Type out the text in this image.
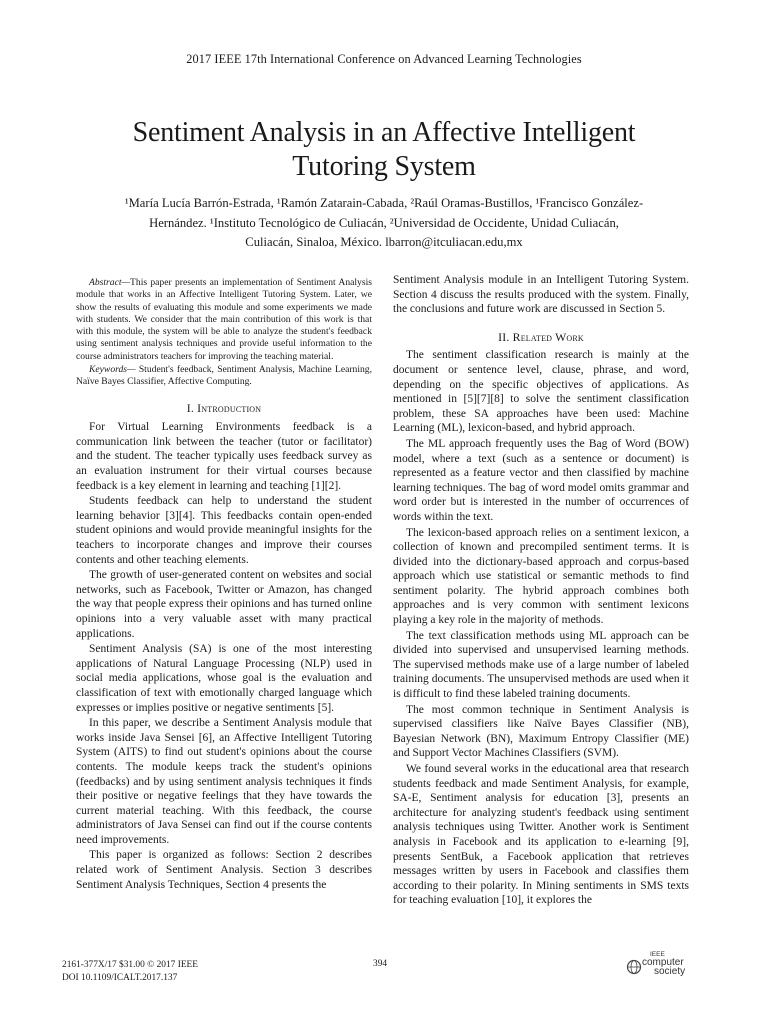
2017 IEEE 17th International Conference on Advanced Learning Technologies
Sentiment Analysis in an Affective Intelligent Tutoring System
¹María Lucía Barrón-Estrada, ¹Ramón Zatarain-Cabada, ²Raúl Oramas-Bustillos, ¹Francisco González-
Hernández. ¹Instituto Tecnológico de Culiacán, ²Universidad de Occidente, Unidad Culiacán,
Culiacán, Sinaloa, México. lbarron@itculiacan.edu,mx

Abstract—This paper presents an implementation of Sentiment Analysis module that works in an Affective Intelligent Tutoring System. Later, we show the results of evaluating this module and some experiments we made with students. We consider that the main contribution of this work is that with this module, the system will be able to analyze the student's feedback using sentiment analysis techniques and provide useful information to the course administrators teachers for improving the teaching material.

Keywords— Student's feedback, Sentiment Analysis, Machine Learning, Naïve Bayes Classifier, Affective Computing.

I. Introduction

For Virtual Learning Environments feedback is a communication link between the teacher (tutor or facilitator) and the student. The teacher typically uses feedback survey as an evaluation instrument for their virtual courses because feedback is a key element in learning and teaching [1][2].

Students feedback can help to understand the student learning behavior [3][4]. This feedbacks contain open-ended student opinions and would provide meaningful insights for the teachers to incorporate changes and improve their courses contents and other teaching elements.

The growth of user-generated content on websites and social networks, such as Facebook, Twitter or Amazon, has changed the way that people express their opinions and has turned online opinions into a very valuable asset with many practical applications.

Sentiment Analysis (SA) is one of the most interesting applications of Natural Language Processing (NLP) used in social media applications, whose goal is the evaluation and classification of text with emotionally charged language which expresses or implies positive or negative sentiments [5].

In this paper, we describe a Sentiment Analysis module that works inside Java Sensei [6], an Affective Intelligent Tutoring System (AITS) to find out student's opinions about the course contents. The module keeps track the student's opinions (feedbacks) and by using sentiment analysis techniques it finds their positive or negative feelings that they have towards the current material teaching. With this feedback, the course administrators of Java Sensei can find out if the course contents need improvements.

This paper is organized as follows: Section 2 describes related work of Sentiment Analysis. Section 3 describes Sentiment Analysis Techniques, Section 4 presents the

Sentiment Analysis module in an Intelligent Tutoring System. Section 4 discuss the results produced with the system. Finally, the conclusions and future work are discussed in Section 5.

II. Related Work

The sentiment classification research is mainly at the document or sentence level, clause, phrase, and word, depending on the specific objectives of applications. As mentioned in [5][7][8] to solve the sentiment classification problem, these SA approaches have been used: Machine Learning (ML), lexicon-based, and hybrid approach.

The ML approach frequently uses the Bag of Word (BOW) model, where a text (such as a sentence or document) is represented as a feature vector and then classified by machine learning techniques. The bag of word model omits grammar and word order but is interested in the number of occurrences of words within the text.

The lexicon-based approach relies on a sentiment lexicon, a collection of known and precompiled sentiment terms. It is divided into the dictionary-based approach and corpus-based approach which use statistical or semantic methods to find sentiment polarity. The hybrid approach combines both approaches and is very common with sentiment lexicons playing a key role in the majority of methods.

The text classification methods using ML approach can be divided into supervised and unsupervised learning methods. The supervised methods make use of a large number of labeled training documents. The unsupervised methods are used when it is difficult to find these labeled training documents.

The most common technique in Sentiment Analysis is supervised classifiers like Naïve Bayes Classifier (NB), Bayesian Network (BN), Maximum Entropy Classifier (ME) and Support Vector Machines Classifiers (SVM).

We found several works in the educational area that research students feedback and made Sentiment Analysis, for example, SA-E, Sentiment analysis for education [3], presents an architecture for analyzing student's feedback using sentiment analysis techniques using Twitter. Another work is Sentiment analysis in Facebook and its application to e-learning [9], presents SentBuk, a Facebook application that retrieves messages written by users in Facebook and classifies them according to their polarity. In Mining sentiments in SMS texts for teaching evaluation [10], it explores the

2161-377X/17 $31.00 © 2017 IEEE
DOI 10.1109/ICALT.2017.137
394
IEEE
computer
society
